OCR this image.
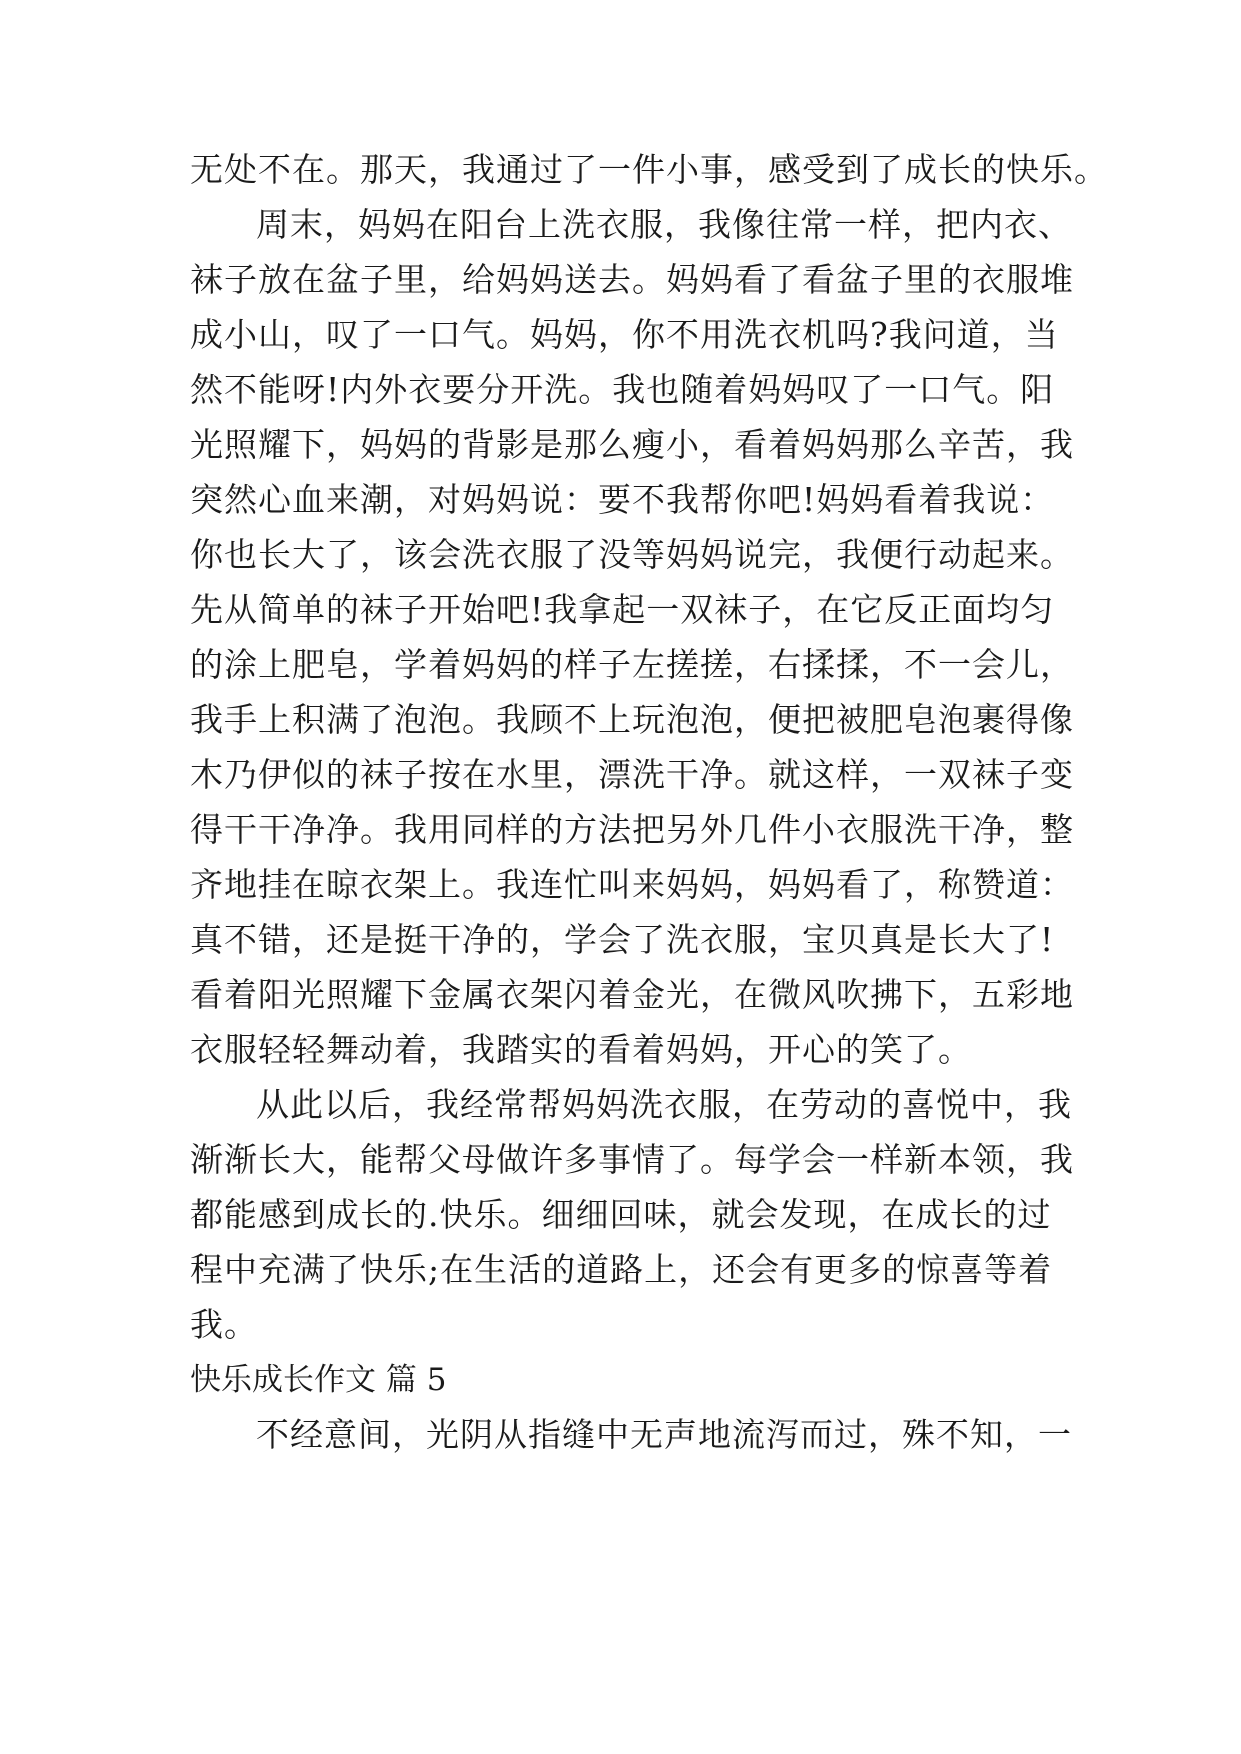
无处不在。那天，我通过了一件小事，感受到了成长的快乐。
周末，妈妈在阳台上洗衣服，我像往常一样，把内衣、
袜子放在盆子里，给妈妈送去。妈妈看了看盆子里的衣服堆
成小山，叹了一口气。妈妈，你不用洗衣机吗?我问道，当
然不能呀!内外衣要分开洗。我也随着妈妈叹了一口气。阳
光照耀下，妈妈的背影是那么瘦小，看着妈妈那么辛苦，我
突然心血来潮，对妈妈说：要不我帮你吧!妈妈看着我说：
你也长大了，该会洗衣服了没等妈妈说完，我便行动起来。
先从简单的袜子开始吧!我拿起一双袜子，在它反正面均匀
的涂上肥皂，学着妈妈的样子左搓搓，右揉揉，不一会儿，
我手上积满了泡泡。我顾不上玩泡泡，便把被肥皂泡裹得像
木乃伊似的袜子按在水里，漂洗干净。就这样，一双袜子变
得干干净净。我用同样的方法把另外几件小衣服洗干净，整
齐地挂在晾衣架上。我连忙叫来妈妈，妈妈看了，称赞道：
真不错，还是挺干净的，学会了洗衣服，宝贝真是长大了!
看着阳光照耀下金属衣架闪着金光，在微风吹拂下，五彩地
衣服轻轻舞动着，我踏实的看着妈妈，开心的笑了。
从此以后，我经常帮妈妈洗衣服，在劳动的喜悦中，我
渐渐长大，能帮父母做许多事情了。每学会一样新本领，我
都能感到成长的.快乐。细细回味，就会发现，在成长的过
程中充满了快乐;在生活的道路上，还会有更多的惊喜等着
我。
快乐成长作文 篇 5
不经意间，光阴从指缝中无声地流泻而过，殊不知，一
